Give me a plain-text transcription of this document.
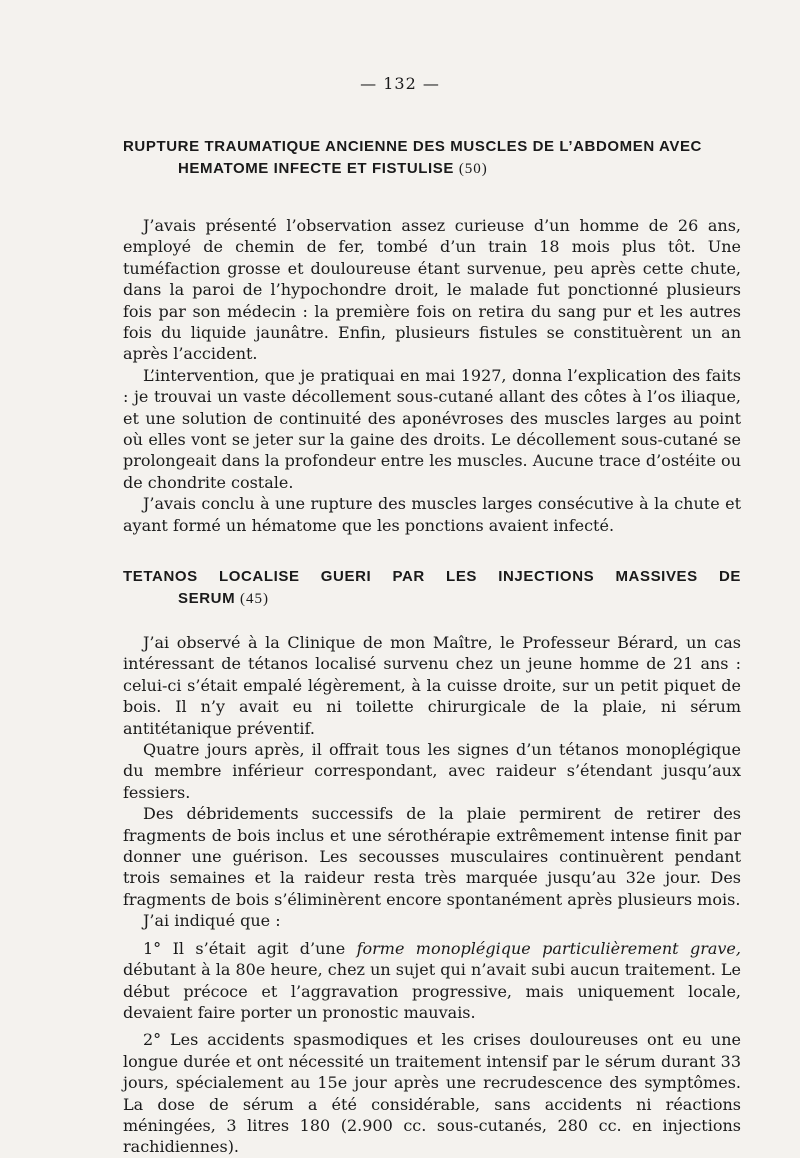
— 132 —
RUPTURE TRAUMATIQUE ANCIENNE DES MUSCLES DE L’ABDOMEN AVEC
HEMATOME INFECTE ET FISTULISE (50)

J’avais présenté l’observation assez curieuse d’un homme de 26 ans, employé de chemin de fer, tombé d’un train 18 mois plus tôt. Une tuméfaction grosse et douloureuse étant survenue, peu après cette chute, dans la paroi de l’hypochondre droit, le malade fut ponctionné plusieurs fois par son médecin : la première fois on retira du sang pur et les autres fois du liquide jaunâtre. Enfin, plusieurs fistules se constituèrent un an après l’accident.

L’intervention, que je pratiquai en mai 1927, donna l’explication des faits : je trouvai un vaste décollement sous-cutané allant des côtes à l’os iliaque, et une solution de continuité des aponévroses des muscles larges au point où elles vont se jeter sur la gaine des droits. Le décollement sous-cutané se prolongeait dans la profondeur entre les muscles. Aucune trace d’ostéite ou de chondrite costale.

J’avais conclu à une rupture des muscles larges consécutive à la chute et ayant formé un hématome que les ponctions avaient infecté.

TETANOS LOCALISE GUERI PAR LES INJECTIONS MASSIVES DE
SERUM (45)

J’ai observé à la Clinique de mon Maître, le Professeur Bérard, un cas intéressant de tétanos localisé survenu chez un jeune homme de 21 ans : celui-ci s’était empalé légèrement, à la cuisse droite, sur un petit piquet de bois. Il n’y avait eu ni toilette chirurgicale de la plaie, ni sérum antitétanique préventif.

Quatre jours après, il offrait tous les signes d’un tétanos monoplégique du membre inférieur correspondant, avec raideur s’étendant jusqu’aux fessiers.

Des débridements successifs de la plaie permirent de retirer des fragments de bois inclus et une sérothérapie extrêmement intense finit par donner une guérison. Les secousses musculaires continuèrent pendant trois semaines et la raideur resta très marquée jusqu’au 32e jour. Des fragments de bois s’éliminèrent encore spontanément après plusieurs mois.

J’ai indiqué que :

1° Il s’était agit d’une forme monoplégique particulièrement grave, débutant à la 80e heure, chez un sujet qui n’avait subi aucun traitement. Le début précoce et l’aggravation progressive, mais uniquement locale, devaient faire porter un pronostic mauvais.

2° Les accidents spasmodiques et les crises douloureuses ont eu une longue durée et ont nécessité un traitement intensif par le sérum durant 33 jours, spécialement au 15e jour après une recrudescence des symptômes. La dose de sérum a été considérable, sans accidents ni réactions méningées, 3 litres 180 (2.900 cc. sous-cutanés, 280 cc. en injections rachidiennes).
